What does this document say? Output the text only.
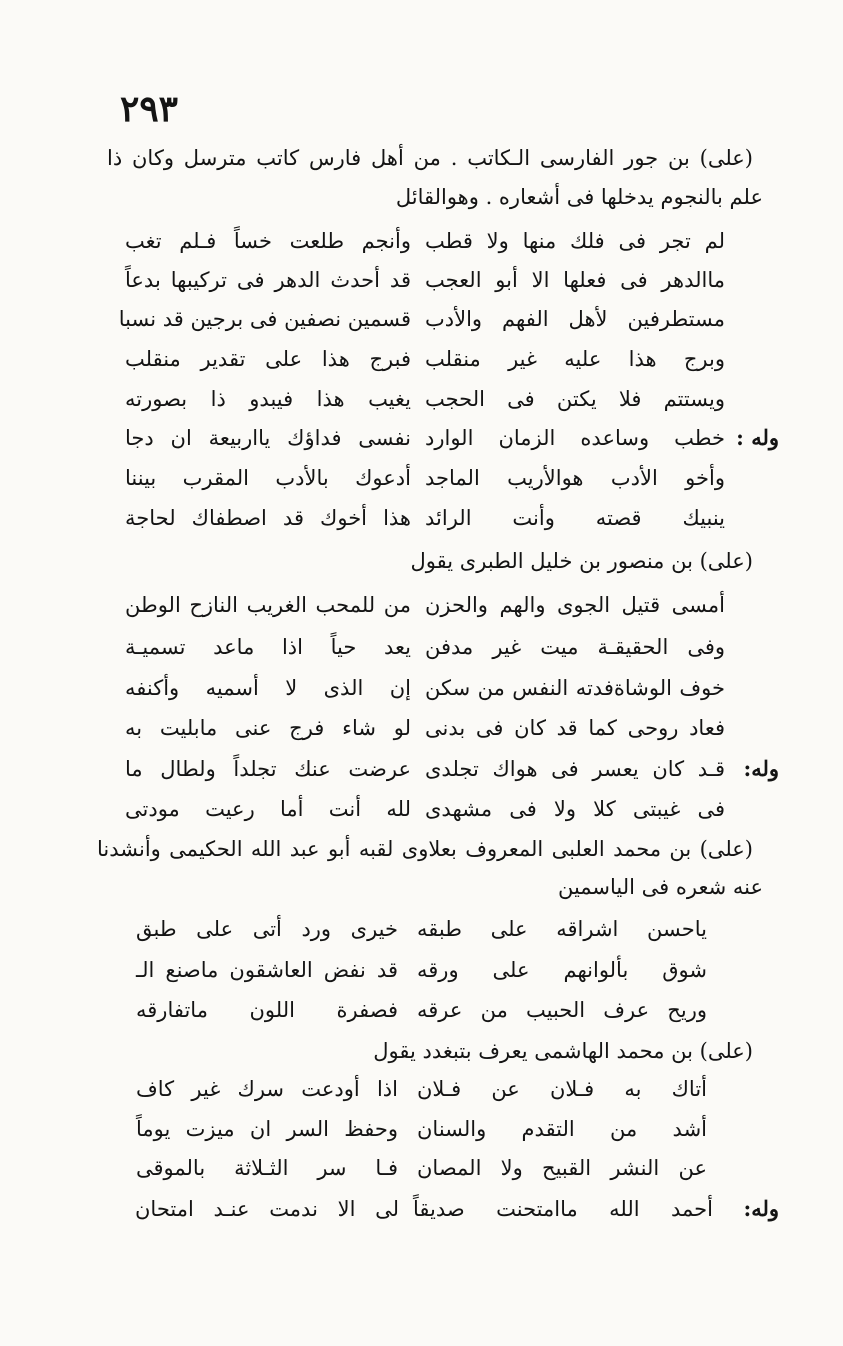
٢٩٣
(على) بن جور الفارسى الـكاتب . من أهل فارس كاتب مترسل وكان ذا
علم بالنجوم يدخلها فى أشعاره . وهوالقائل
وأنجم طلعت خساً فـلم تغب لم تجر فى فلك منها ولا قطب
قد أحدث الدهر فى تركيبها بدعاً ماالدهر فى فعلها الا أبو العجب
قسمين نصفين فى برجين قد نسبا مستطرفين لأهل الفهم والأدب
فبرج هذا على تقدير منقلب وبرج هذا عليه غير منقلب
يغيب هذا فيبدو ذا بصورته ويستتم فلا يكتن فى الحجب
وله :
نفسى فداؤك يااربيعة ان دجا خطب وساعده الزمان الوارد
أدعوك بالأدب المقرب بيننا وأخو الأدب هوالأريب الماجد
هذا أخوك قد اصطفاك لحاجة ينبيك قصته وأنت الرائد
(على) بن منصور بن خليل الطبرى يقول
من للمحب الغريب النازح الوطن أمسى قتيل الجوى والهم والحزن
يعد حياً اذا ماعد تسميـة وفى الحقيقـة ميت غير مدفن
إن الذى لا أسميه وأكنفه خوف الوشاةفدته النفس من سكن
لو شاء فرج عنى مابليت به فعاد روحى كما قد كان فى بدنى
وله:
عرضت عنك تجلداً ولطال ما قـد كان يعسر فى هواك تجلدى
لله أنت أما رعيت مودتى فى غيبتى كلا ولا فى مشهدى
(على) بن محمد العلبى المعروف بعلاوى لقبه أبو عبد الله الحكيمى وأنشدنا
عنه شعره فى الياسمين
خيرى ورد أتى على طبق ياحسن اشراقه على طبقه
قد نفض العاشقون ماصنع الـ شوق بألوانهم على ورقه
فصفرة اللون ماتفارقه وريح عرف الحبيب من عرقه
(على) بن محمد الهاشمى يعرف بتبغدد يقول
اذا أودعت سرك غير كاف أتاك به فـلان عن فـلان
وحفظ السر ان ميزت يوماً أشد من التقدم والسنان
فـا سر الثـلاثة بالموقى عن النشر القبيح ولا المصان
وله:
أحمد الله ماامتحنت صديقاً
لى الا ندمت عنـد امتحان
